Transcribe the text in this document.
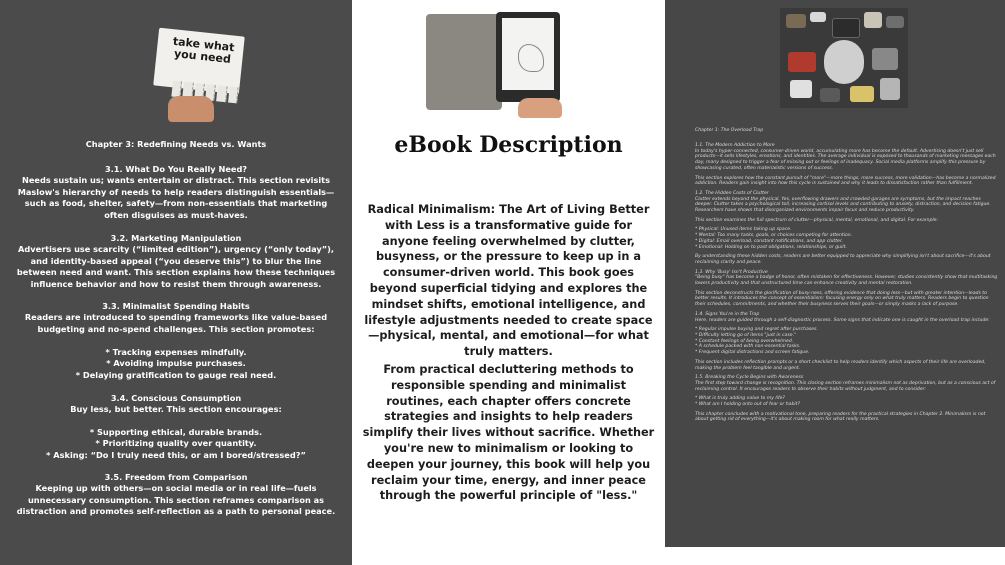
take what you need
Chapter 3: Redefining Needs vs. Wants

3.1. What Do You Really Need?

Needs sustain us; wants entertain or distract. This section revisits Maslow's hierarchy of needs to help readers distinguish essentials—such as food, shelter, safety—from non-essentials that marketing often disguises as must-haves.

3.2. Marketing Manipulation

Advertisers use scarcity (“limited edition”), urgency (“only today”), and identity-based appeal (“you deserve this”) to blur the line between need and want. This section explains how these techniques influence behavior and how to resist them through awareness.

3.3. Minimalist Spending Habits

Readers are introduced to spending frameworks like value-based budgeting and no-spend challenges. This section promotes:

* Tracking expenses mindfully.

* Avoiding impulse purchases.

* Delaying gratification to gauge real need.

3.4. Conscious Consumption

Buy less, but better. This section encourages:

* Supporting ethical, durable brands.

* Prioritizing quality over quantity.

* Asking: “Do I truly need this, or am I bored/stressed?”

3.5. Freedom from Comparison

Keeping up with others—on social media or in real life—fuels unnecessary consumption. This section reframes comparison as distraction and promotes self-reflection as a path to personal peace.

eBook Description
Radical Minimalism: The Art of Living Better with Less is a transformative guide for anyone feeling overwhelmed by clutter, busyness, or the pressure to keep up in a consumer-driven world. This book goes beyond superficial tidying and explores the mindset shifts, emotional intelligence, and lifestyle adjustments needed to create space—physical, mental, and emotional—for what truly matters.
From practical decluttering methods to responsible spending and minimalist routines, each chapter offers concrete strategies and insights to help readers simplify their lives without sacrifice. Whether you're new to minimalism or looking to deepen your journey, this book will help you reclaim your time, energy, and inner peace through the powerful principle of "less."
Chapter 1: The Overload Trap

1.1. The Modern Addiction to More

In today's hyper-connected, consumer-driven world, accumulating more has become the default. Advertising doesn't just sell products—it sells lifestyles, emotions, and identities. The average individual is exposed to thousands of marketing messages each day, many designed to trigger a fear of missing out or feelings of inadequacy. Social media platforms amplify this pressure by showcasing curated, often materialistic versions of success.

This section explores how the constant pursuit of "more"—more things, more success, more validation—has become a normalized addiction. Readers gain insight into how this cycle is sustained and why it leads to dissatisfaction rather than fulfillment.

1.2. The Hidden Costs of Clutter

Clutter extends beyond the physical. Yes, overflowing drawers and crowded garages are symptoms, but the impact reaches deeper. Clutter takes a psychological toll, increasing cortisol levels and contributing to anxiety, distraction, and decision fatigue. Researchers have shown that disorganized environments impair focus and reduce productivity.

This section examines the full spectrum of clutter—physical, mental, emotional, and digital. For example:

* Physical: Unused items taking up space.

* Mental: Too many tasks, goals, or choices competing for attention.

* Digital: Email overload, constant notifications, and app clutter.

* Emotional: Holding on to past obligations, relationships, or guilt.

By understanding these hidden costs, readers are better equipped to appreciate why simplifying isn't about sacrifice—it's about reclaiming clarity and peace.

1.3. Why 'Busy' Isn't Productive

"Being busy" has become a badge of honor, often mistaken for effectiveness. However, studies consistently show that multitasking lowers productivity and that unstructured time can enhance creativity and mental restoration.

This section deconstructs the glorification of busy-ness, offering evidence that doing less—but with greater intention—leads to better results. It introduces the concept of essentialism: focusing energy only on what truly matters. Readers begin to question their schedules, commitments, and whether their busyness serves their goals—or simply masks a lack of purpose.

1.4. Signs You're in the Trap

Here, readers are guided through a self-diagnostic process. Some signs that indicate one is caught in the overload trap include:

* Regular impulse buying and regret after purchases.

* Difficulty letting go of items "just in case."

* Constant feelings of being overwhelmed.

* A schedule packed with non-essential tasks.

* Frequent digital distractions and screen fatigue.

This section includes reflection prompts or a short checklist to help readers identify which aspects of their life are overloaded, making the problem feel tangible and urgent.

1.5. Breaking the Cycle Begins with Awareness

The first step toward change is recognition. This closing section reframes minimalism not as deprivation, but as a conscious act of reclaiming control. It encourages readers to observe their habits without judgment, and to consider:

* What is truly adding value to my life?

* What am I holding onto out of fear or habit?

This chapter concludes with a motivational tone, preparing readers for the practical strategies in Chapter 2. Minimalism is not about getting rid of everything—it's about making room for what really matters.
